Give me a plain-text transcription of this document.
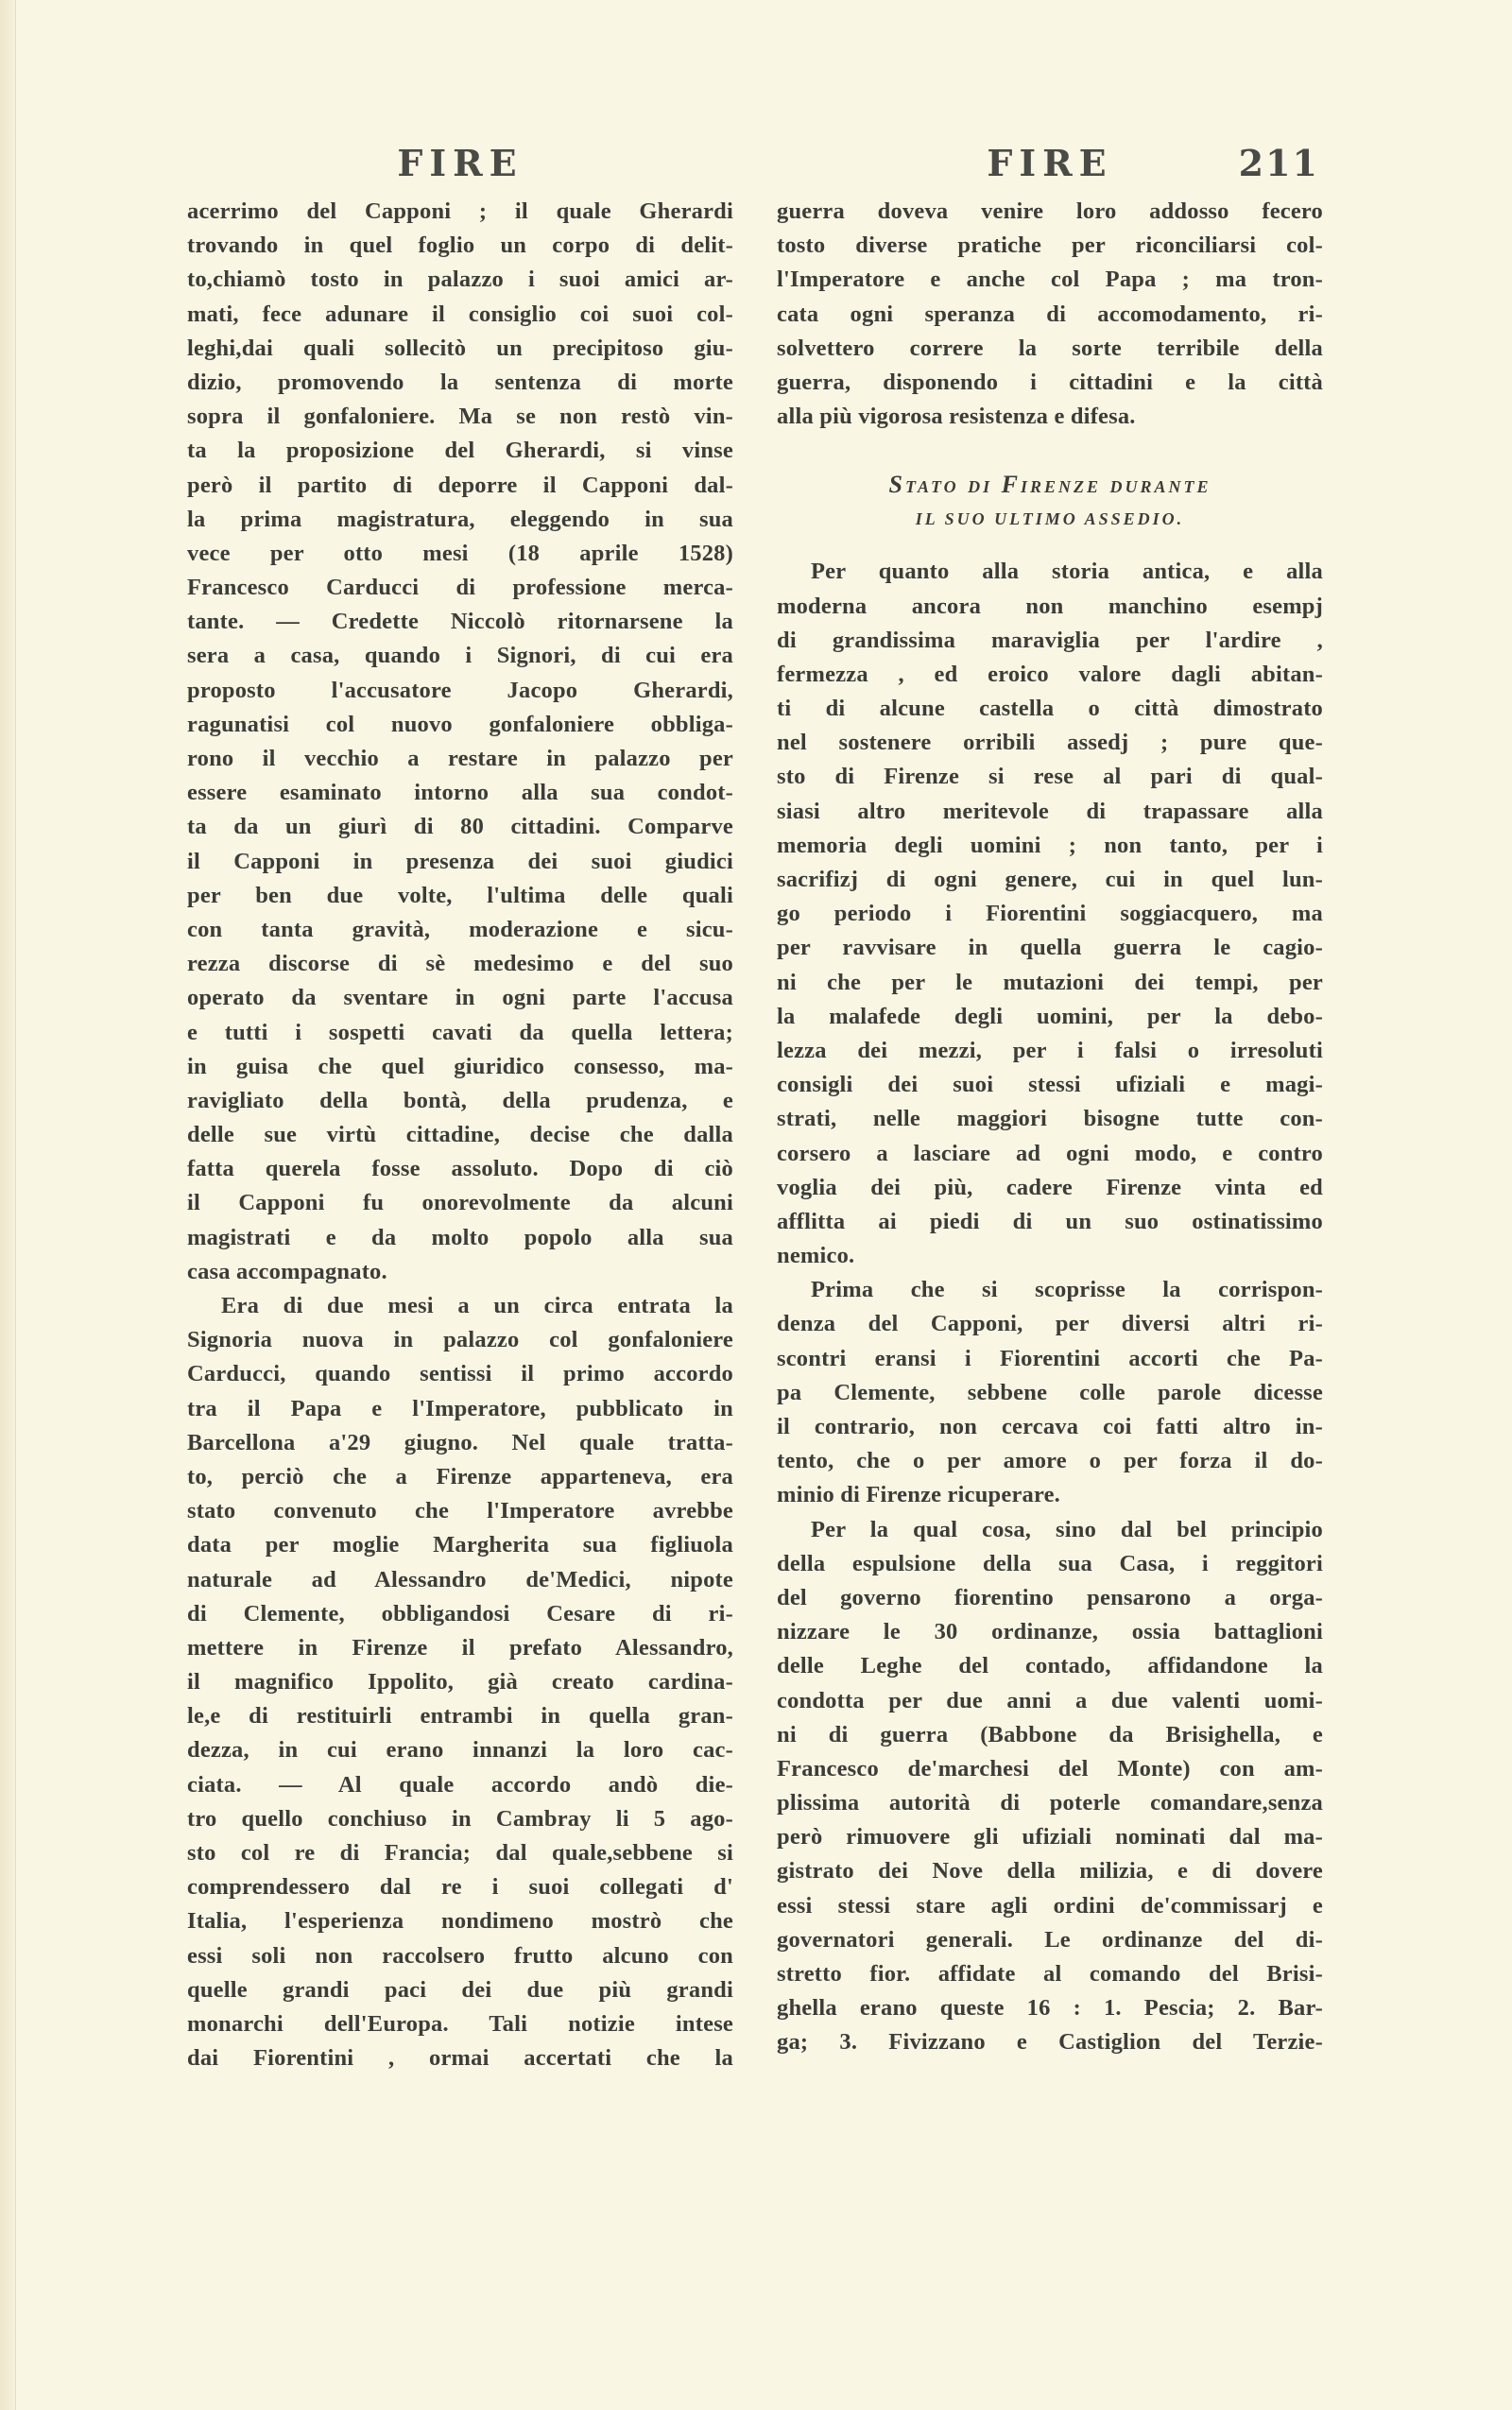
FIRE
acerrimo del Capponi ; il quale Gherardi
trovando in quel foglio un corpo di delit-
to,chiamò tosto in palazzo i suoi amici ar-
mati, fece adunare il consiglio coi suoi col-
leghi,dai quali sollecitò un precipitoso giu-
dizio, promovendo la sentenza di morte
sopra il gonfaloniere. Ma se non restò vin-
ta la proposizione del Gherardi, si vinse
però il partito di deporre il Capponi dal-
la prima magistratura, eleggendo in sua
vece per otto mesi (18 aprile 1528)
Francesco Carducci di professione merca-
tante. — Credette Niccolò ritornarsene la
sera a casa, quando i Signori, di cui era
proposto l'accusatore Jacopo Gherardi,
ragunatisi col nuovo gonfaloniere obbliga-
rono il vecchio a restare in palazzo per
essere esaminato intorno alla sua condot-
ta da un giurì di 80 cittadini. Comparve
il Capponi in presenza dei suoi giudici
per ben due volte, l'ultima delle quali
con tanta gravità, moderazione e sicu-
rezza discorse di sè medesimo e del suo
operato da sventare in ogni parte l'accusa
e tutti i sospetti cavati da quella lettera;
in guisa che quel giuridico consesso, ma-
ravigliato della bontà, della prudenza, e
delle sue virtù cittadine, decise che dalla
fatta querela fosse assoluto. Dopo di ciò
il Capponi fu onorevolmente da alcuni
magistrati e da molto popolo alla sua
casa accompagnato.
Era di due mesi a un circa entrata la
Signoria nuova in palazzo col gonfaloniere
Carducci, quando sentissi il primo accordo
tra il Papa e l'Imperatore, pubblicato in
Barcellona a'29 giugno. Nel quale tratta-
to, perciò che a Firenze apparteneva, era
stato convenuto che l'Imperatore avrebbe
data per moglie Margherita sua figliuola
naturale ad Alessandro de'Medici, nipote
di Clemente, obbligandosi Cesare di ri-
mettere in Firenze il prefato Alessandro,
il magnifico Ippolito, già creato cardina-
le,e di restituirli entrambi in quella gran-
dezza, in cui erano innanzi la loro cac-
ciata. — Al quale accordo andò die-
tro quello conchiuso in Cambray li 5 ago-
sto col re di Francia; dal quale,sebbene si
comprendessero dal re i suoi collegati d'
Italia, l'esperienza nondimeno mostrò che
essi soli non raccolsero frutto alcuno con
quelle grandi paci dei due più grandi
monarchi dell'Europa. Tali notizie intese
dai Fiorentini , ormai accertati che la
FIRE	211
guerra doveva venire loro addosso fecero
tosto diverse pratiche per riconciliarsi col-
l'Imperatore e anche col Papa ; ma tron-
cata ogni speranza di accomodamento, ri-
solvettero correre la sorte terribile della
guerra, disponendo i cittadini e la città
alla più vigorosa resistenza e difesa.
Stato di Firenze durante
IL SUO ULTIMO ASSEDIO.
Per quanto alla storia antica, e alla
moderna ancora non manchino esempj
di grandissima maraviglia per l'ardire ,
fermezza , ed eroico valore dagli abitan-
ti di alcune castella o città dimostrato
nel sostenere orribili assedj ; pure que-
sto di Firenze si rese al pari di qual-
siasi altro meritevole di trapassare alla
memoria degli uomini ; non tanto, per i
sacrifizj di ogni genere, cui in quel lun-
go periodo i Fiorentini soggiacquero, ma
per ravvisare in quella guerra le cagio-
ni che per le mutazioni dei tempi, per
la malafede degli uomini, per la debo-
lezza dei mezzi, per i falsi o irresoluti
consigli dei suoi stessi ufiziali e magi-
strati, nelle maggiori bisogne tutte con-
corsero a lasciare ad ogni modo, e contro
voglia dei più, cadere Firenze vinta ed
afflitta ai piedi di un suo ostinatissimo
nemico.
Prima che si scoprisse la corrispon-
denza del Capponi, per diversi altri ri-
scontri eransi i Fiorentini accorti che Pa-
pa Clemente, sebbene colle parole dicesse
il contrario, non cercava coi fatti altro in-
tento, che o per amore o per forza il do-
minio di Firenze ricuperare.
Per la qual cosa, sino dal bel principio
della espulsione della sua Casa, i reggitori
del governo fiorentino pensarono a orga-
nizzare le 30 ordinanze, ossia battaglioni
delle Leghe del contado, affidandone la
condotta per due anni a due valenti uomi-
ni di guerra (Babbone da Brisighella, e
Francesco de'marchesi del Monte) con am-
plissima autorità di poterle comandare,senza
però rimuovere gli ufiziali nominati dal ma-
gistrato dei Nove della milizia, e di dovere
essi stessi stare agli ordini de'commissarj e
governatori generali. Le ordinanze del di-
stretto fior. affidate al comando del Brisi-
ghella erano queste 16 : 1. Pescia; 2. Bar-
ga; 3. Fivizzano e Castiglion del Terzie-
